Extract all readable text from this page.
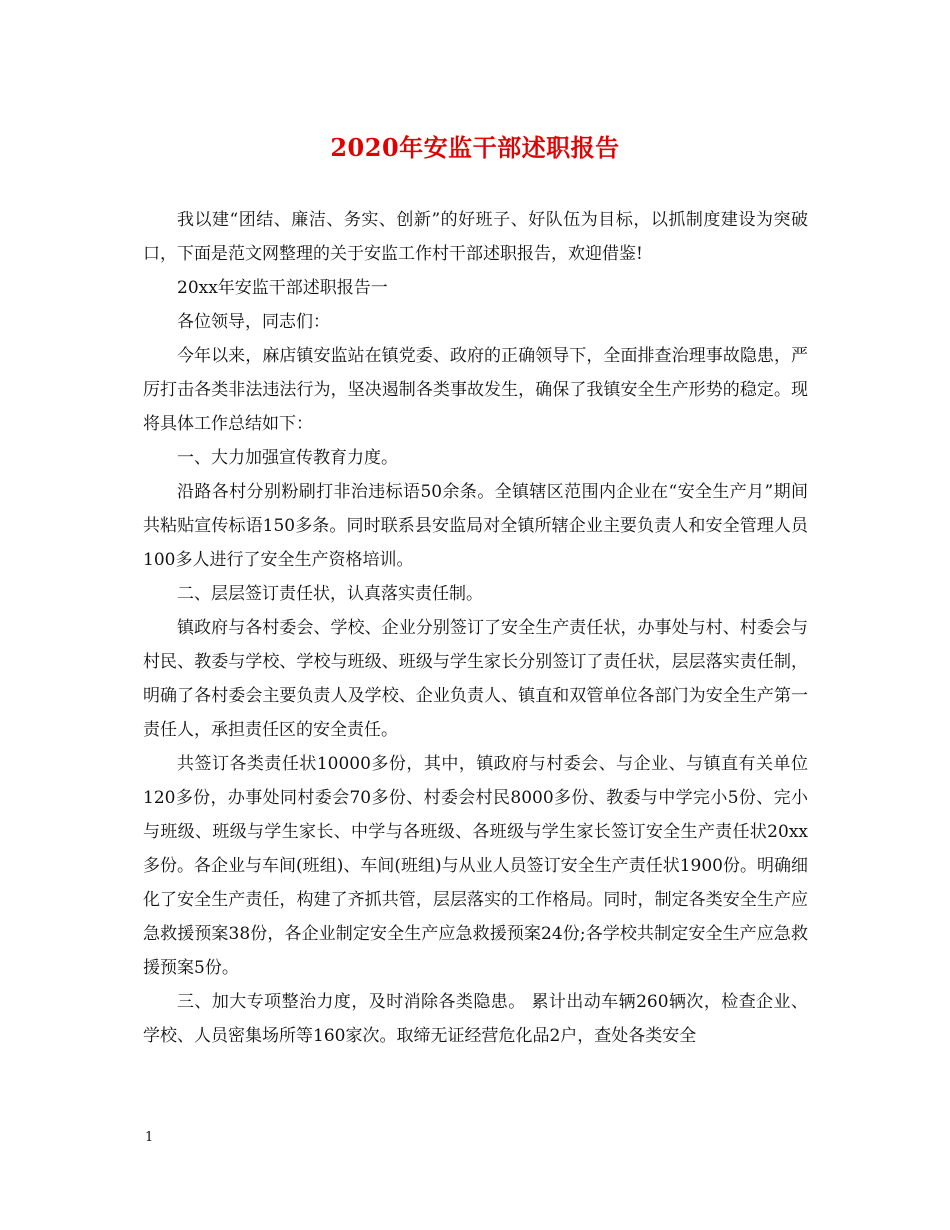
2020年安监干部述职报告

我以建“团结、廉洁、务实、创新”的好班子、好队伍为目标，以抓制度建设为突破口，下面是范文网整理的关于安监工作村干部述职报告，欢迎借鉴!

20xx年安监干部述职报告一

各位领导，同志们：

今年以来，麻店镇安监站在镇党委、政府的正确领导下，全面排查治理事故隐患，严厉打击各类非法违法行为，坚决遏制各类事故发生，确保了我镇安全生产形势的稳定。现将具体工作总结如下：

一、大力加强宣传教育力度。

沿路各村分别粉刷打非治违标语50余条。全镇辖区范围内企业在“安全生产月”期间共粘贴宣传标语150多条。同时联系县安监局对全镇所辖企业主要负责人和安全管理人员100多人进行了安全生产资格培训。

二、层层签订责任状，认真落实责任制。

镇政府与各村委会、学校、企业分别签订了安全生产责任状，办事处与村、村委会与村民、教委与学校、学校与班级、班级与学生家长分别签订了责任状，层层落实责任制，明确了各村委会主要负责人及学校、企业负责人、镇直和双管单位各部门为安全生产第一责任人，承担责任区的安全责任。

共签订各类责任状10000多份，其中，镇政府与村委会、与企业、与镇直有关单位120多份，办事处同村委会70多份、村委会村民8000多份、教委与中学完小5份、完小与班级、班级与学生家长、中学与各班级、各班级与学生家长签订安全生产责任状20xx多份。各企业与车间(班组)、车间(班组)与从业人员签订安全生产责任状1900份。明确细化了安全生产责任，构建了齐抓共管，层层落实的工作格局。同时，制定各类安全生产应急救援预案38份，各企业制定安全生产应急救援预案24份;各学校共制定安全生产应急救援预案5份。

三、加大专项整治力度，及时消除各类隐患。 累计出动车辆260辆次，检查企业、学校、人员密集场所等160家次。取缔无证经营危化品2户，查处各类安全

1
